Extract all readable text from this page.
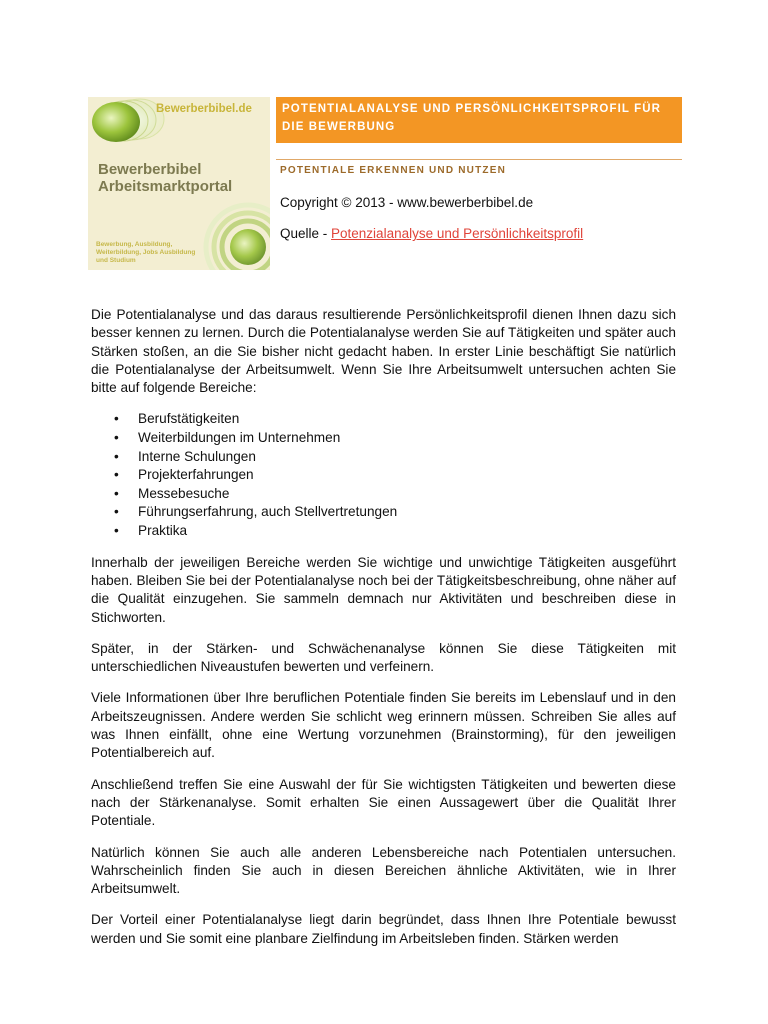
Bewerberbibel.de
Bewerberbibel
Arbeitsmarktportal
Bewerbung, Ausbildung, Weiterbildung, Jobs Ausbildung und Studium
POTENTIALANALYSE UND PERSÖNLICHKEITSPROFIL FÜR
DIE BEWERBUNG
POTENTIALE ERKENNEN UND NUTZEN
Copyright © 2013 - www.bewerberbibel.de
Quelle - Potenzialanalyse und Persönlichkeitsprofil

Die Potentialanalyse und das daraus resultierende Persönlichkeitsprofil dienen Ihnen dazu sich besser kennen zu lernen. Durch die Potentialanalyse werden Sie auf Tätigkeiten und später auch Stärken stoßen, an die Sie bisher nicht gedacht haben. In erster Linie beschäftigt Sie natürlich die Potentialanalyse der Arbeitsumwelt. Wenn Sie Ihre Arbeitsumwelt untersuchen achten Sie bitte auf folgende Bereiche:

• Berufstätigkeiten
• Weiterbildungen im Unternehmen
• Interne Schulungen
• Projekterfahrungen
• Messebesuche
• Führungserfahrung, auch Stellvertretungen
• Praktika

Innerhalb der jeweiligen Bereiche werden Sie wichtige und unwichtige Tätigkeiten ausgeführt haben. Bleiben Sie bei der Potentialanalyse noch bei der Tätigkeitsbeschreibung, ohne näher auf die Qualität einzugehen. Sie sammeln demnach nur Aktivitäten und beschreiben diese in Stichworten.

Später, in der Stärken- und Schwächenanalyse können Sie diese Tätigkeiten mit unterschiedlichen Niveaustufen bewerten und verfeinern.

Viele Informationen über Ihre beruflichen Potentiale finden Sie bereits im Lebenslauf und in den Arbeitszeugnissen. Andere werden Sie schlicht weg erinnern müssen. Schreiben Sie alles auf was Ihnen einfällt, ohne eine Wertung vorzunehmen (Brainstorming), für den jeweiligen Potentialbereich auf.

Anschließend treffen Sie eine Auswahl der für Sie wichtigsten Tätigkeiten und bewerten diese nach der Stärkenanalyse. Somit erhalten Sie einen Aussagewert über die Qualität Ihrer Potentiale.

Natürlich können Sie auch alle anderen Lebensbereiche nach Potentialen untersuchen. Wahrscheinlich finden Sie auch in diesen Bereichen ähnliche Aktivitäten, wie in Ihrer Arbeitsumwelt.

Der Vorteil einer Potentialanalyse liegt darin begründet, dass Ihnen Ihre Potentiale bewusst werden und Sie somit eine planbare Zielfindung im Arbeitsleben finden. Stärken werden
